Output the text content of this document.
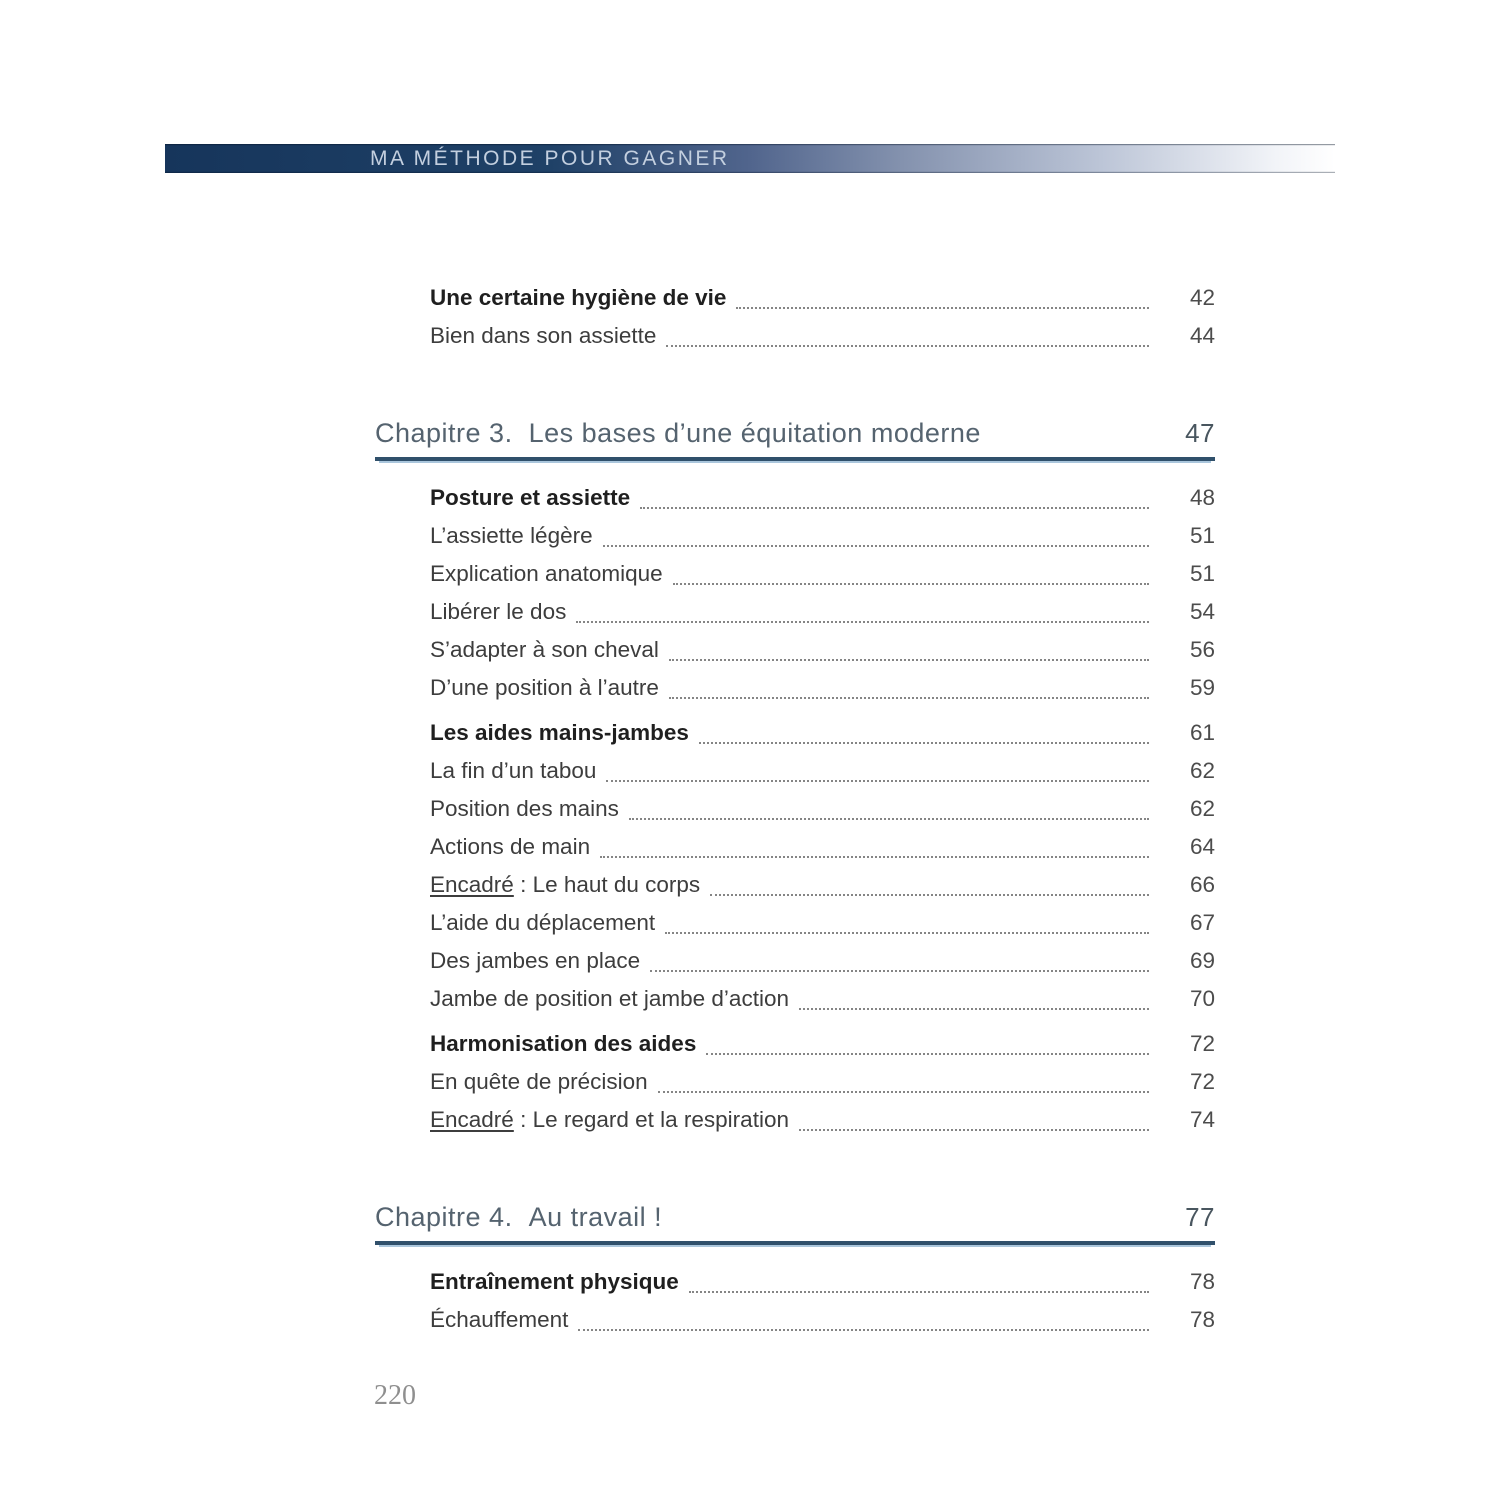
MA MÉTHODE POUR GAGNER
Une certaine hygiène de vie	42
Bien dans son assiette	44
Chapitre 3. Les bases d’une équitation moderne	47
Posture et assiette	48
L’assiette légère	51
Explication anatomique	51
Libérer le dos	54
S’adapter à son cheval	56
D’une position à l’autre	59
Les aides mains-jambes	61
La fin d’un tabou	62
Position des mains	62
Actions de main	64
Encadré : Le haut du corps	66
L’aide du déplacement	67
Des jambes en place	69
Jambe de position et jambe d’action	70
Harmonisation des aides	72
En quête de précision	72
Encadré : Le regard et la respiration	74
Chapitre 4. Au travail !	77
Entraînement physique	78
Échauffement	78
220
